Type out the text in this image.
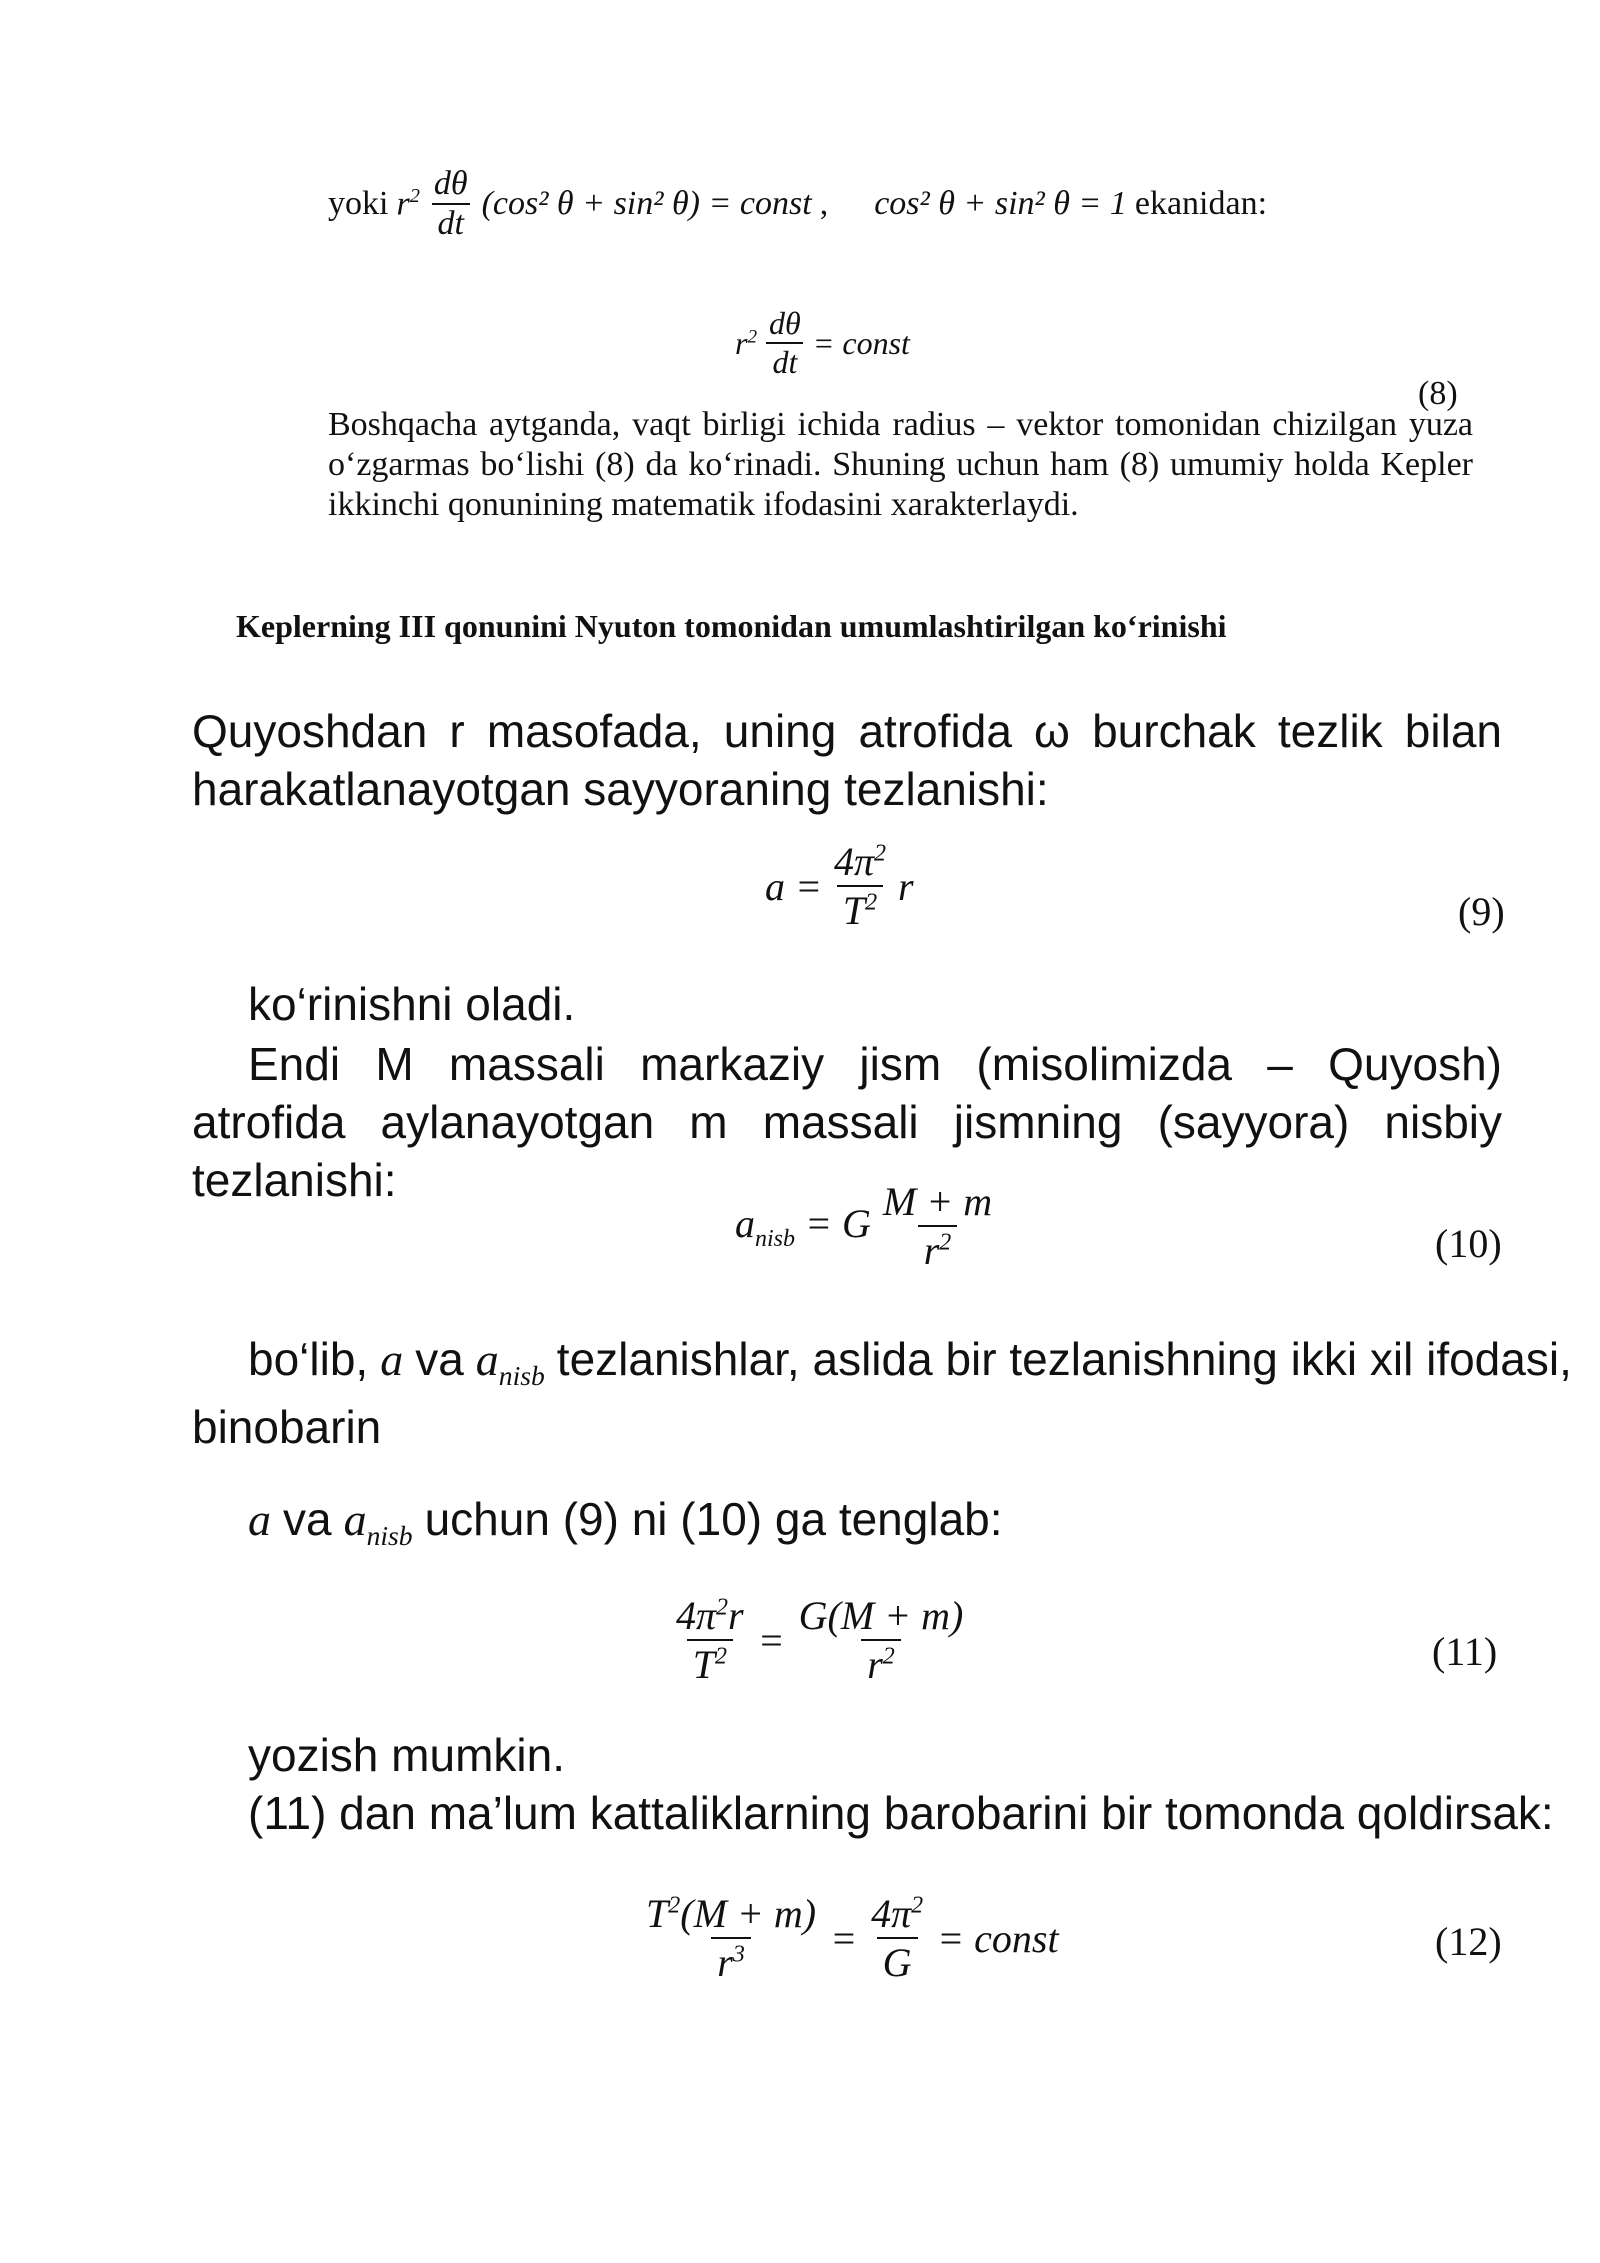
yoki $r^2 \frac{d\theta}{dt} (\cos^2$ θ + sin² θ) = const , cos² θ + sin² θ = 1 ekanidan:
$r^2 \frac{d\theta}{dt}$ = const
(8)
Boshqacha aytganda, vaqt birligi ichida radius – vektor tomonidan chizilgan yuza o‘zgarmas bo‘lishi (8) da ko‘rinadi. Shuning uchun ham (8) umumiy holda Kepler ikkinchi qonunining matematik ifodasini xarakterlaydi.
Keplerning III qonunini Nyuton tomonidan umumlashtirilgan ko‘rinishi
Quyoshdan r masofada, uning atrofida ω burchak tezlik bilan harakatlanayotgan sayyoraning tezlanishi:
$a = \frac{4\pi^2}{T^2}$ r
(9)
ko‘rinishni oladi.
Endi M massali markaziy jism (misolimizda – Quyosh) atrofida aylanayotgan m massali jismning (sayyora) nisbiy tezlanishi:
$a_{nisb} = G \frac{M + m}{r^2}$	(10)
bo‘lib, a va $a_{nisb}$ tezlanishlar, aslida bir tezlanishning ikki xil ifodasi,
binobarin
a va $a_{nisb}$ uchun (9) ni (10) ga tenglab:
$\frac{4\pi^2r}{T^2} = \frac{G(M + m)}{r^2}$	(11)
yozish mumkin.
(11) dan ma’lum kattaliklarning barobarini bir tomonda qoldirsak:
$\frac{T^2(M + m)}{r^3} = \frac{4\pi^2}{G}$ = const	(12)
